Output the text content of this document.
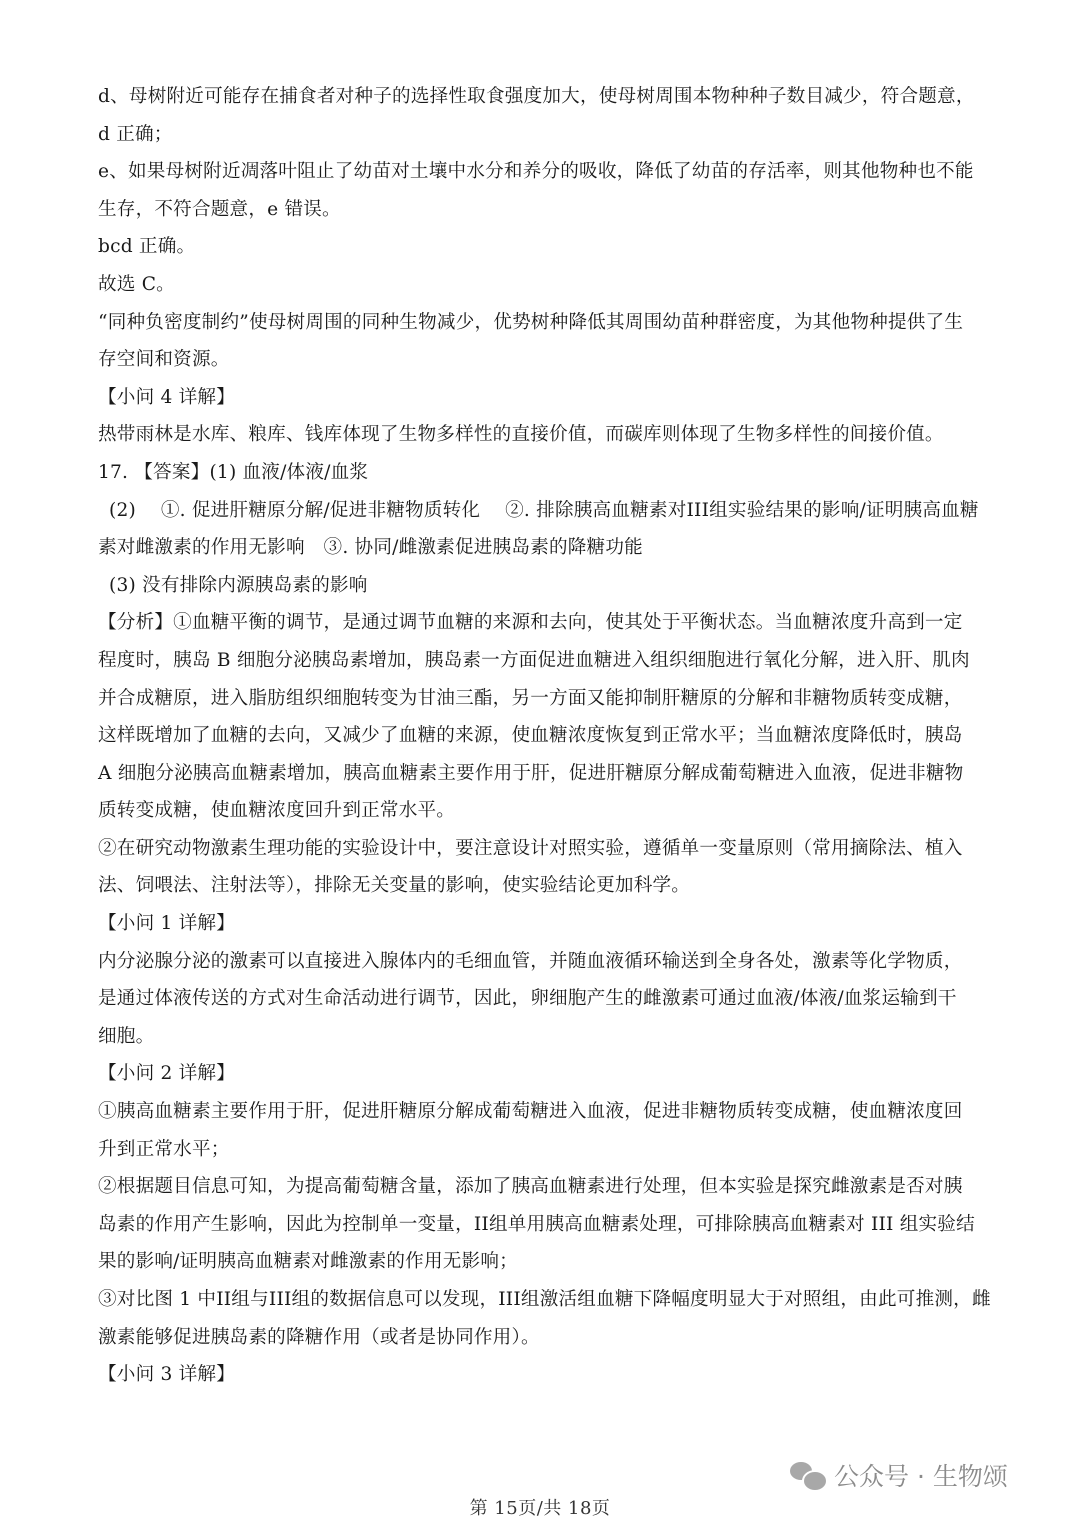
d、母树附近可能存在捕食者对种子的选择性取食强度加大，使母树周围本物种种子数目减少，符合题意，
d 正确；
e、如果母树附近凋落叶阻止了幼苗对土壤中水分和养分的吸收，降低了幼苗的存活率，则其他物种也不能
生存，不符合题意，e 错误。
bcd 正确。
故选 C。
“同种负密度制约”使母树周围的同种生物减少，优势树种降低其周围幼苗种群密度，为其他物种提供了生
存空间和资源。
【小问 4 详解】
热带雨林是水库、粮库、钱库体现了生物多样性的直接价值，而碳库则体现了生物多样性的间接价值。
17. 【答案】(1) 血液/体液/血浆
(2)　 ①. 促进肝糖原分解/促进非糖物质转化　 ②. 排除胰高血糖素对III组实验结果的影响/证明胰高血糖
素对雌激素的作用无影响　③. 协同/雌激素促进胰岛素的降糖功能
(3) 没有排除内源胰岛素的影响
【分析】①血糖平衡的调节，是通过调节血糖的来源和去向，使其处于平衡状态。当血糖浓度升高到一定
程度时，胰岛 B 细胞分泌胰岛素增加，胰岛素一方面促进血糖进入组织细胞进行氧化分解，进入肝、肌肉
并合成糖原，进入脂肪组织细胞转变为甘油三酯，另一方面又能抑制肝糖原的分解和非糖物质转变成糖，
这样既增加了血糖的去向，又减少了血糖的来源，使血糖浓度恢复到正常水平；当血糖浓度降低时，胰岛
A 细胞分泌胰高血糖素增加，胰高血糖素主要作用于肝，促进肝糖原分解成葡萄糖进入血液，促进非糖物
质转变成糖，使血糖浓度回升到正常水平。
②在研究动物激素生理功能的实验设计中，要注意设计对照实验，遵循单一变量原则（常用摘除法、植入
法、饲喂法、注射法等），排除无关变量的影响，使实验结论更加科学。
【小问 1 详解】
内分泌腺分泌的激素可以直接进入腺体内的毛细血管，并随血液循环输送到全身各处，激素等化学物质，
是通过体液传送的方式对生命活动进行调节，因此，卵细胞产生的雌激素可通过血液/体液/血浆运输到干
细胞。
【小问 2 详解】
①胰高血糖素主要作用于肝，促进肝糖原分解成葡萄糖进入血液，促进非糖物质转变成糖，使血糖浓度回
升到正常水平；
②根据题目信息可知，为提高葡萄糖含量，添加了胰高血糖素进行处理，但本实验是探究雌激素是否对胰
岛素的作用产生影响，因此为控制单一变量，II组单用胰高血糖素处理，可排除胰高血糖素对 III 组实验结
果的影响/证明胰高血糖素对雌激素的作用无影响；
③对比图 1 中II组与III组的数据信息可以发现，III组激活组血糖下降幅度明显大于对照组，由此可推测，雌
激素能够促进胰岛素的降糖作用（或者是协同作用）。
【小问 3 详解】
公众号 · 生物颂
第 15页/共 18页
